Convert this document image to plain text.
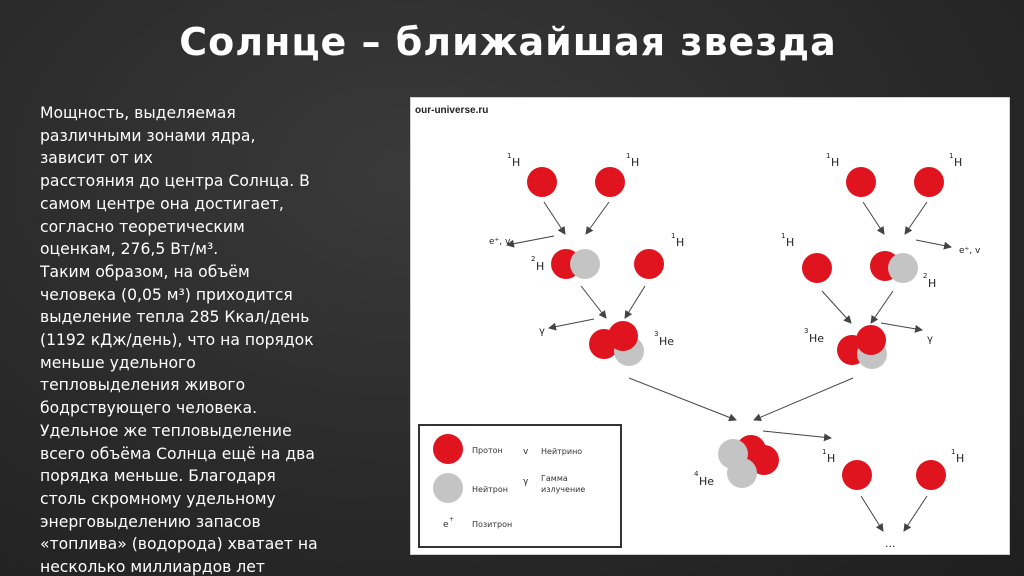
Солнце – ближайшая звезда
Мощность, выделяемая
различными зонами ядра,
зависит от их
расстояния до центра Солнца. В
самом центре она достигает,
согласно теоретическим
оценкам, 276,5 Вт/м³.
Таким образом, на объём
человека (0,05 м³) приходится
выделение тепла 285 Ккал/день
(1192 кДж/день), что на порядок
меньше удельного
тепловыделения живого
бодрствующего человека.
Удельное же тепловыделение
всего объёма Солнца ещё на два
порядка меньше. Благодаря
столь скромному удельному
энерговыделению запасов
«топлива» (водорода) хватает на
несколько миллиардов лет
our-universe.ru
1 H	1 H
e⁺, v
2
H
1 H
γ	3
He
1 H	1 H
e⁺, v
1 H
2
H
γ
3
He
4
He
1 H	1 H
...
Протон
Нейтрон
e
+
Позитрон
v Нейтрино
γ Гамма
излучение
